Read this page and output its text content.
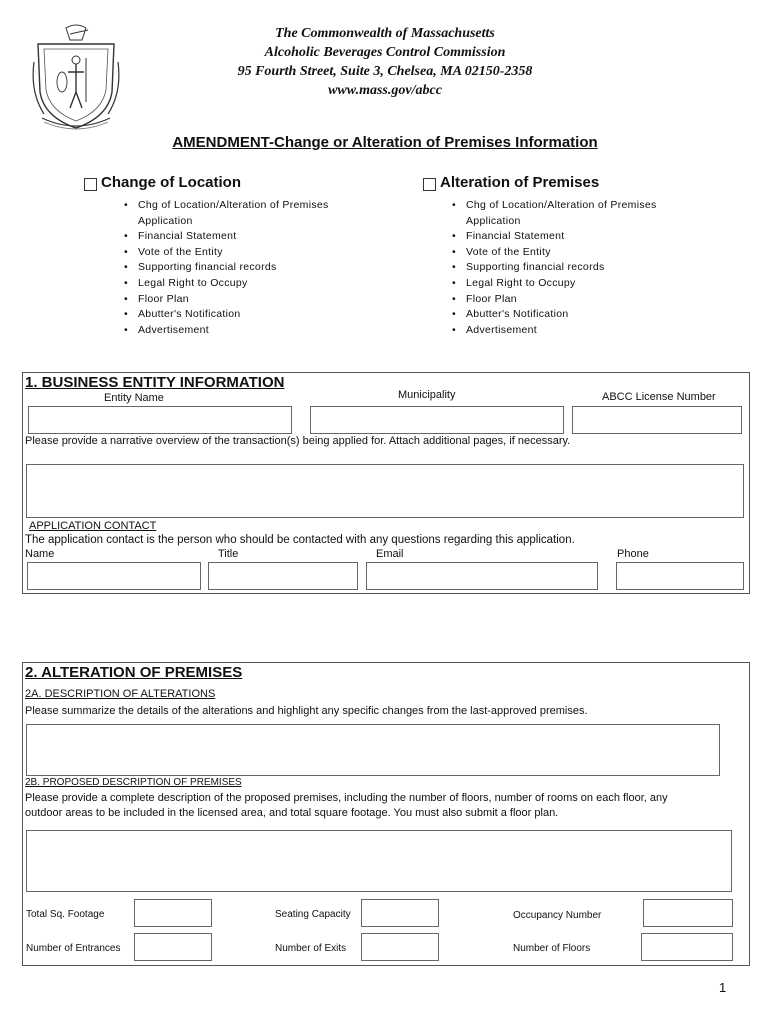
The Commonwealth of Massachusetts
Alcoholic Beverages Control Commission
95 Fourth Street, Suite 3, Chelsea, MA 02150-2358
www.mass.gov/abcc
AMENDMENT-Change or Alteration of Premises Information
Change of Location
• Chg of Location/Alteration of Premises
Application
• Financial Statement
• Vote of the Entity
• Supporting financial records
• Legal Right to Occupy
• Floor Plan
• Abutter's Notification
• Advertisement
Alteration of Premises
• Chg of Location/Alteration of Premises
Application
• Financial Statement
• Vote of the Entity
• Supporting financial records
• Legal Right to Occupy
• Floor Plan
• Abutter's Notification
• Advertisement
1. BUSINESS ENTITY INFORMATION
Entity Name	Municipality	ABCC License Number
Please provide a narrative overview of the transaction(s) being applied for. Attach additional pages, if necessary.
APPLICATION CONTACT
The application contact is the person who should be contacted with any questions regarding this application.
Name	Title	Email	Phone
2. ALTERATION OF PREMISES
2A. DESCRIPTION OF ALTERATIONS
Please summarize the details of the alterations and highlight any specific changes from the last-approved premises.
2B. PROPOSED DESCRIPTION OF PREMISES
Please provide a complete description of the proposed premises, including the number of floors, number of rooms on each floor, any
outdoor areas to be included in the licensed area, and total square footage. You must also submit a floor plan.
Total Sq. Footage	Seating Capacity	Occupancy Number
Number of Entrances	Number of Exits	Number of Floors
1
